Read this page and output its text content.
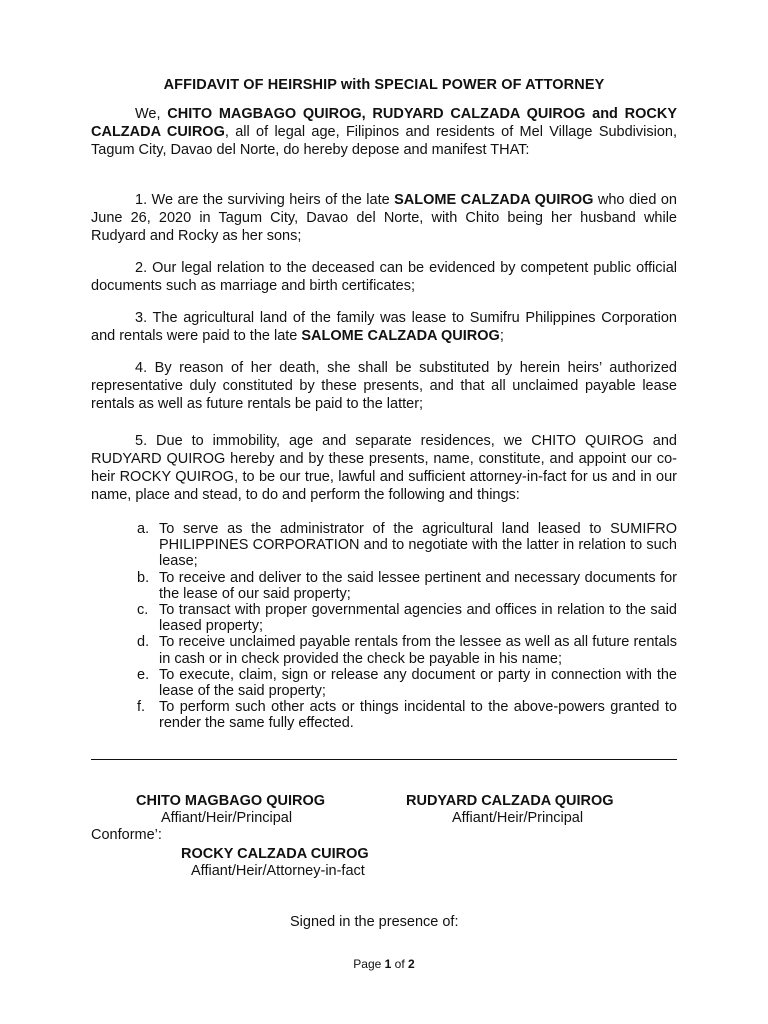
AFFIDAVIT OF HEIRSHIP with SPECIAL POWER OF ATTORNEY
We, CHITO MAGBAGO QUIROG, RUDYARD CALZADA QUIROG and ROCKY CALZADA CUIROG, all of legal age, Filipinos and residents of Mel Village Subdivision, Tagum City, Davao del Norte, do hereby depose and manifest THAT:
1. We are the surviving heirs of the late SALOME CALZADA QUIROG who died on June 26, 2020 in Tagum City, Davao del Norte, with Chito being her husband while Rudyard and Rocky as her sons;
2. Our legal relation to the deceased can be evidenced by competent public official documents such as marriage and birth certificates;
3. The agricultural land of the family was lease to Sumifru Philippines Corporation and rentals were paid to the late SALOME CALZADA QUIROG;
4. By reason of her death, she shall be substituted by herein heirs’ authorized representative duly constituted by these presents, and that all unclaimed payable lease rentals as well as future rentals be paid to the latter;
5. Due to immobility, age and separate residences, we CHITO QUIROG and RUDYARD QUIROG hereby and by these presents, name, constitute, and appoint our co-heir ROCKY QUIROG, to be our true, lawful and sufficient attorney-in-fact for us and in our name, place and stead, to do and perform the following and things:
a. To serve as the administrator of the agricultural land leased to SUMIFRO PHILIPPINES CORPORATION and to negotiate with the latter in relation to such lease;
b. To receive and deliver to the said lessee pertinent and necessary documents for the lease of our said property;
c. To transact with proper governmental agencies and offices in relation to the said leased property;
d. To receive unclaimed payable rentals from the lessee as well as all future rentals in cash or in check provided the check be payable in his name;
e. To execute, claim, sign or release any document or party in connection with the lease of the said property;
f. To perform such other acts or things incidental to the above-powers granted to render the same fully effected.
CHITO MAGBAGO QUIROG
Affiant/Heir/Principal
RUDYARD CALZADA QUIROG
Affiant/Heir/Principal
Conforme’:
ROCKY CALZADA CUIROG
Affiant/Heir/Attorney-in-fact
Signed in the presence of:
Page 1 of 2
